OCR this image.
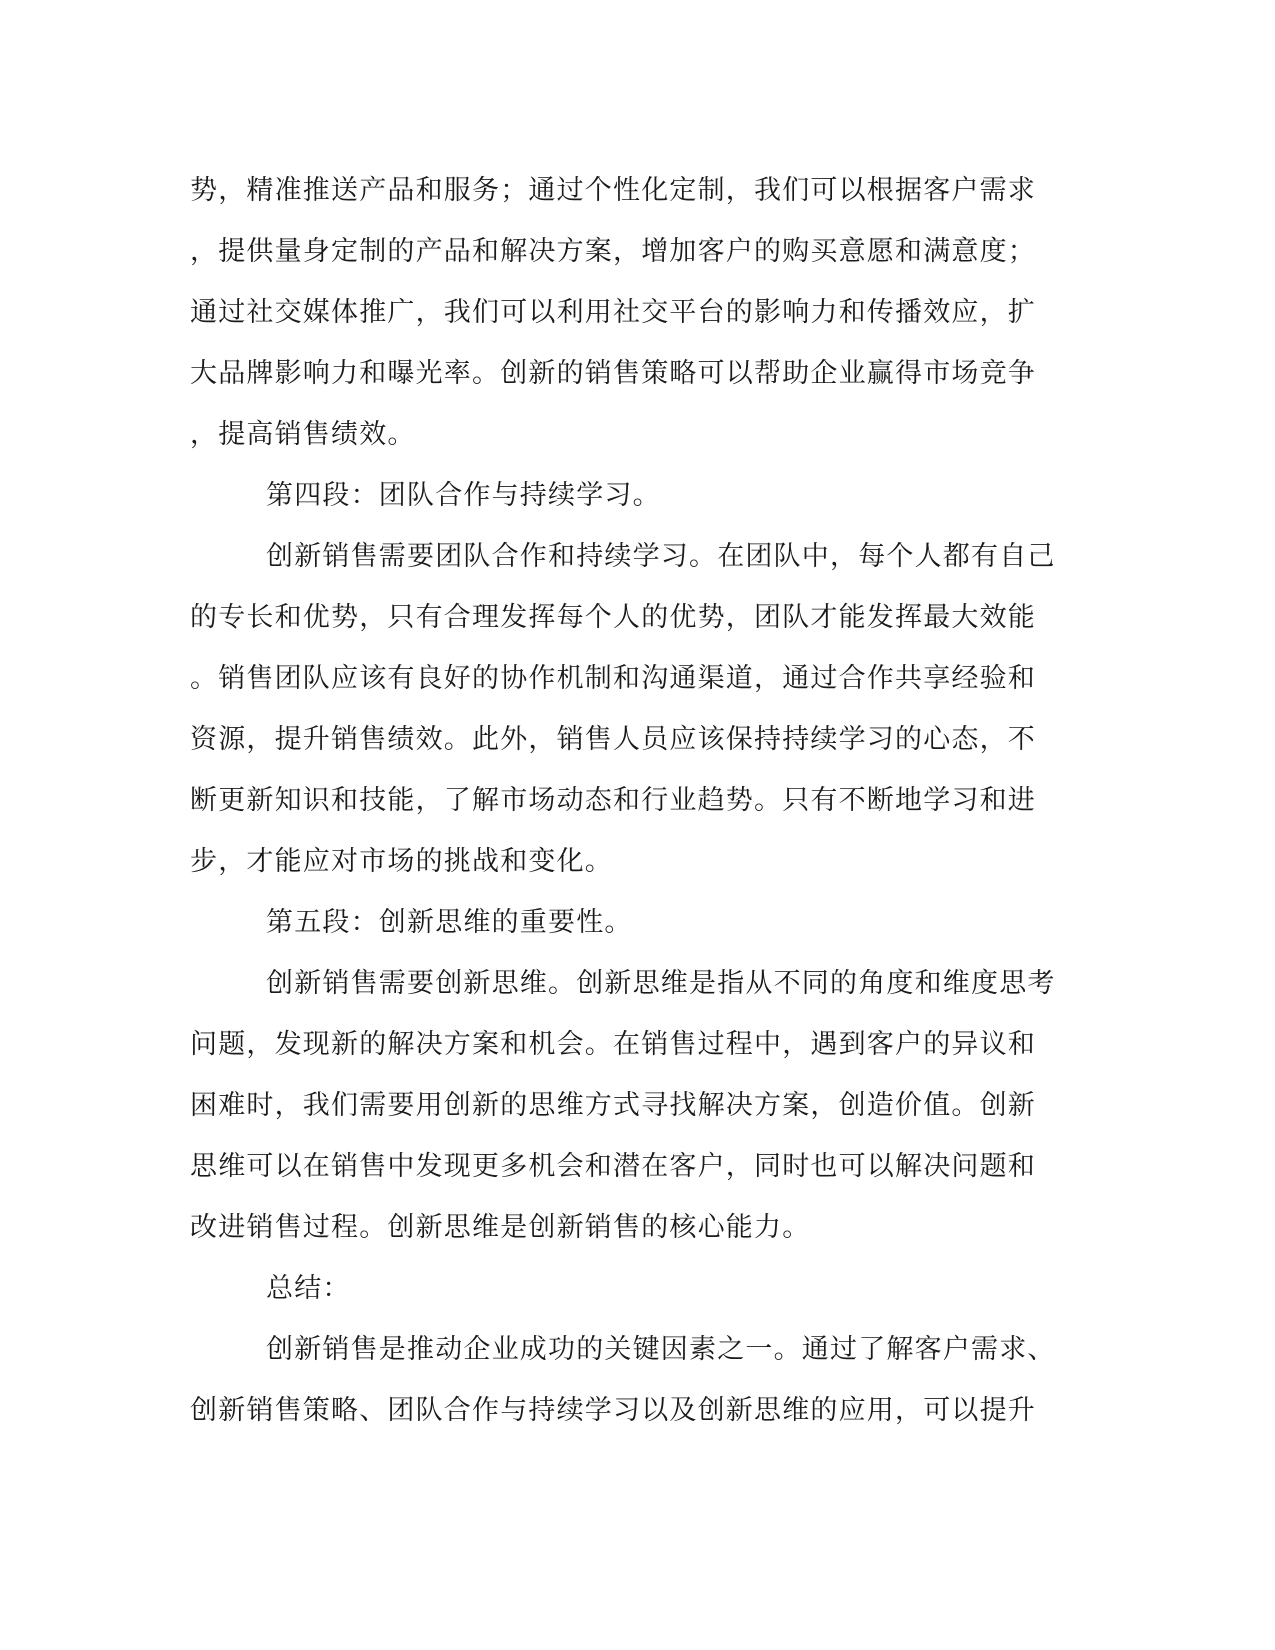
势，精准推送产品和服务；通过个性化定制，我们可以根据客户需求
，提供量身定制的产品和解决方案，增加客户的购买意愿和满意度；
通过社交媒体推广，我们可以利用社交平台的影响力和传播效应，扩
大品牌影响力和曝光率。创新的销售策略可以帮助企业赢得市场竞争
，提高销售绩效。
第四段：团队合作与持续学习。
创新销售需要团队合作和持续学习。在团队中，每个人都有自己
的专长和优势，只有合理发挥每个人的优势，团队才能发挥最大效能
。销售团队应该有良好的协作机制和沟通渠道，通过合作共享经验和
资源，提升销售绩效。此外，销售人员应该保持持续学习的心态，不
断更新知识和技能，了解市场动态和行业趋势。只有不断地学习和进
步，才能应对市场的挑战和变化。
第五段：创新思维的重要性。
创新销售需要创新思维。创新思维是指从不同的角度和维度思考
问题，发现新的解决方案和机会。在销售过程中，遇到客户的异议和
困难时，我们需要用创新的思维方式寻找解决方案，创造价值。创新
思维可以在销售中发现更多机会和潜在客户，同时也可以解决问题和
改进销售过程。创新思维是创新销售的核心能力。
总结：
创新销售是推动企业成功的关键因素之一。通过了解客户需求、
创新销售策略、团队合作与持续学习以及创新思维的应用，可以提升
